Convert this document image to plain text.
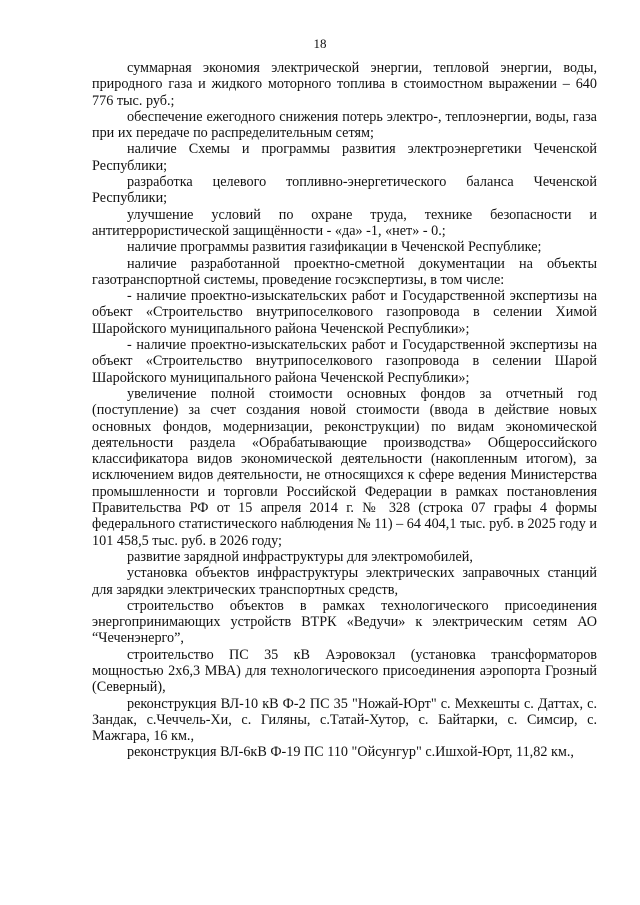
18

суммарная экономия электрической энергии, тепловой энергии, воды, природного газа и жидкого моторного топлива в стоимостном выражении – 640 776 тыс. руб.;

обеспечение ежегодного снижения потерь электро-, теплоэнергии, воды, газа при их передаче по распределительным сетям;

наличие Схемы и программы развития электроэнергетики Чеченской Республики;

разработка целевого топливно-энергетического баланса Чеченской Республики;

улучшение условий по охране труда, технике безопасности и антитеррористической защищённости - «да» -1, «нет» - 0.;

наличие программы развития газификации в Чеченской Республике;

наличие разработанной проектно-сметной документации на объекты газотранспортной системы, проведение госэкспертизы, в том числе:

- наличие проектно-изыскательских работ и Государственной экспертизы на объект «Строительство внутрипоселкового газопровода в селении Химой Шаройского муниципального района Чеченской Республики»;

- наличие проектно-изыскательских работ и Государственной экспертизы на объект «Строительство внутрипоселкового газопровода в селении Шарой Шаройского муниципального района Чеченской Республики»;

увеличение полной стоимости основных фондов за отчетный год (поступление) за счет создания новой стоимости (ввода в действие новых основных фондов, модернизации, реконструкции) по видам экономической деятельности раздела «Обрабатывающие производства» Общероссийского классификатора видов экономической деятельности (накопленным итогом), за исключением видов деятельности, не относящихся к сфере ведения Министерства промышленности и торговли Российской Федерации в рамках постановления Правительства РФ от 15 апреля 2014 г. № 328 (строка 07 графы 4 формы федерального статистического наблюдения № 11) – 64 404,1 тыс. руб. в 2025 году и 101 458,5 тыс. руб. в 2026 году;

развитие зарядной инфраструктуры для электромобилей,

установка объектов инфраструктуры электрических заправочных станций для зарядки электрических транспортных средств,

строительство объектов в рамках технологического присоединения энергопринимающих устройств ВТРК «Ведучи» к электрическим сетям АО “Чеченэнерго”,

строительство ПС 35 кВ Аэровокзал (установка трансформаторов мощностью 2х6,3 МВА) для технологического присоединения аэропорта Грозный (Северный),

реконструкция ВЛ-10 кВ Ф-2 ПС 35 "Ножай-Юрт" с. Мехкешты с. Даттах, с. Зандак, с.Чеччель-Хи, с. Гиляны, с.Татай-Хутор, с. Байтарки, с. Симсир, с. Мажгара, 16 км.,

реконструкция ВЛ-6кВ Ф-19 ПС 110 "Ойсунгур" с.Ишхой-Юрт, 11,82 км.,
